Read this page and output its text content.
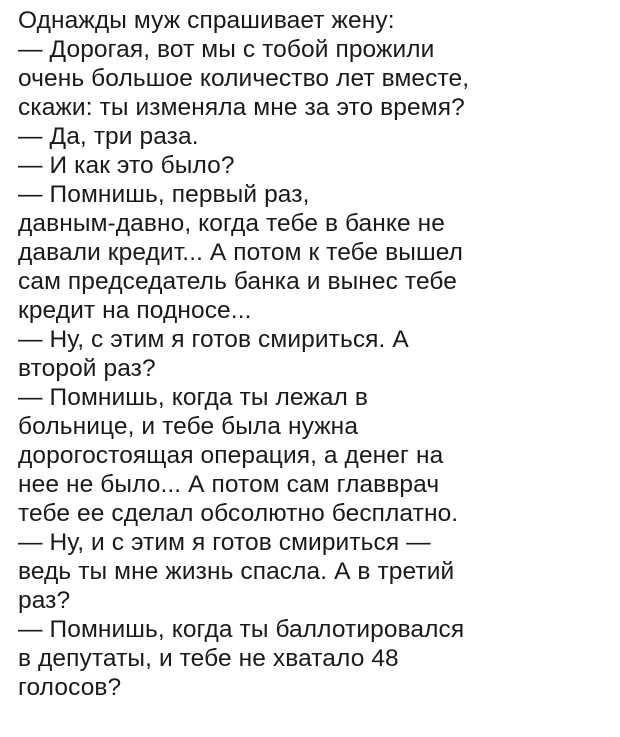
Однажды муж спрашивает жену:
— Дорогая, вот мы с тобой прожили
очень большое количество лет вместе,
скажи: ты изменяла мне за это время?
— Да, три раза.
— И как это было?
— Помнишь, первый раз,
давным-давно, когда тебе в банке не
давали кредит... А потом к тебе вышел
сам председатель банка и вынес тебе
кредит на подносе...
— Ну, с этим я готов смириться. А
второй раз?
— Помнишь, когда ты лежал в
больнице, и тебе была нужна
дорогостоящая операция, а денег на
нее не было... А потом сам главврач
тебе ее сделал обсолютно бесплатно.
— Ну, и с этим я готов смириться —
ведь ты мне жизнь спасла. А в третий
раз?
— Помнишь, когда ты баллотировался
в депутаты, и тебе не хватало 48
голосов?
